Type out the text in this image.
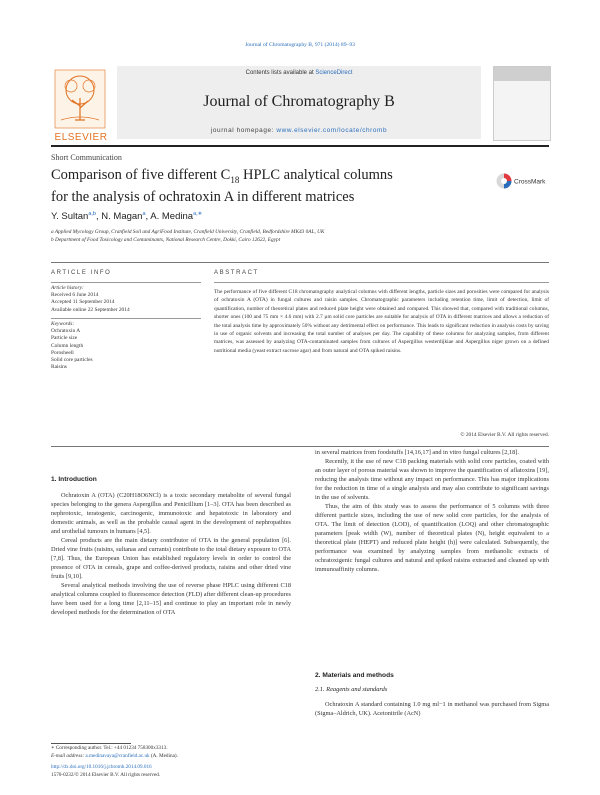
Journal of Chromatography B, 971 (2014) 89–93
ELSEVIER
Contents lists available at ScienceDirect
Journal of Chromatography B
journal homepage: www.elsevier.com/locate/chromb
Short Communication
Comparison of five different $C_{18}$ HPLC analytical columns
for the analysis of ochratoxin A in different matrices
CrossMark
Y. Sultan$^{a,b}$, N. Magan$^a$, A. Medina$^{a,∗}$
a Applied Mycology Group, Cranfield Soil and AgriFood Institute, Cranfield University, Cranfield, Bedfordshire MK43 0AL, UK
b Department of Food Toxicology and Contaminants, National Research Centre, Dokki, Cairo 12622, Egypt
ARTICLE INFO
Article history:
Received 6 June 2014
Accepted 11 September 2014
Available online 22 September 2014
Keywords:
Ochratoxin A
Particle size
Column length
Porosheell
Solid core particles
Raisins
ABSTRACT
The performance of five different C18 chromatography analytical columns with different lengths, particle sizes and porosities were compared for analysis of ochratoxin A (OTA) in fungal cultures and raisin samples. Chromatographic parameters including retention time, limit of detection, limit of quantification, number of theoretical plates and reduced plate height were obtained and compared. This showed that, compared with traditional columns, shorter ones (100 and 75 mm × 4.6 mm) with 2.7 µm solid core particles are suitable for analysis of OTA in different matrices and allows a reduction of the total analysis time by approximately 50% without any detrimental effect on performance. This leads to significant reduction in analysis costs by saving in use of organic solvents and increasing the total number of analyses per day. The capability of these columns for analyzing samples, from different matrices, was assessed by analyzing OTA-contaminated samples from cultures of Aspergillus westerdijkiae and Aspergillus niger grown on a defined nutritional media (yeast extract sucrose agar) and from natural and OTA spiked raisins.
© 2014 Elsevier B.V. All rights reserved.
1. Introduction

Ochratoxin A (OTA) (C20H18O6NCl) is a toxic secondary metabolite of several fungal species belonging to the genera Aspergillus and Penicillium [1–3]. OTA has been described as nephrotoxic, teratogenic, carcinogenic, immunotoxic and hepatotoxic in laboratory and domestic animals, as well as the probable causal agent in the development of nephropathies and urothelial tumours in humans [4,5].

Cereal products are the main dietary contributor of OTA in the general population [6]. Dried vine fruits (raisins, sultanas and currants) contribute to the total dietary exposure to OTA [7,8]. Thus, the European Union has established regulatory levels in order to control the presence of OTA in cereals, grape and coffee-derived products, raisins and other dried vine fruits [9,10].

Several analytical methods involving the use of reverse phase HPLC using different C18 analytical columns coupled to fluorescence detection (FLD) after different clean-up procedures have been used for a long time [2,11–15] and continue to play an important role in newly developed methods for the determination of OTA

in several matrices from foodstuffs [14,16,17] and in vitro fungal cultures [2,18].

Recently, it the use of new C18 packing materials with solid core particles, coated with an outer layer of porous material was shown to improve the quantification of aflatoxins [19], reducing the analysis time without any impact on performance. This has major implications for the reduction in time of a single analysis and may also contribute to significant savings in the use of solvents.

Thus, the aim of this study was to assess the performance of 5 columns with three different particle sizes, including the use of new solid core particles, for the analysis of OTA. The limit of detection (LOD), of quantification (LOQ) and other chromatographic parameters [peak width (W), number of theoretical plates (N), height equivalent to a theoretical plate (HEPT) and reduced plate height (h)] were calculated. Subsequently, the performance was examined by analyzing samples from methanolic extracts of ochratoxigenic fungal cultures and natural and spiked raisins extracted and cleaned up with immunoaffinity columns.

2. Materials and methods
2.1. Reagents and standards

Ochratoxin A standard containing 1.0 mg ml−1 in methanol was purchased from Sigma (Sigma–Aldrich, UK). Acetonitrile (AcN)

∗ Corresponding author. Tel.: +44 01234 758300x3313.
E-mail address: a.medinavaya@cranfield.ac.uk (A. Medina).
http://dx.doi.org/10.1016/j.jchromb.2014.09.016
1570-0232/© 2014 Elsevier B.V. All rights reserved.
